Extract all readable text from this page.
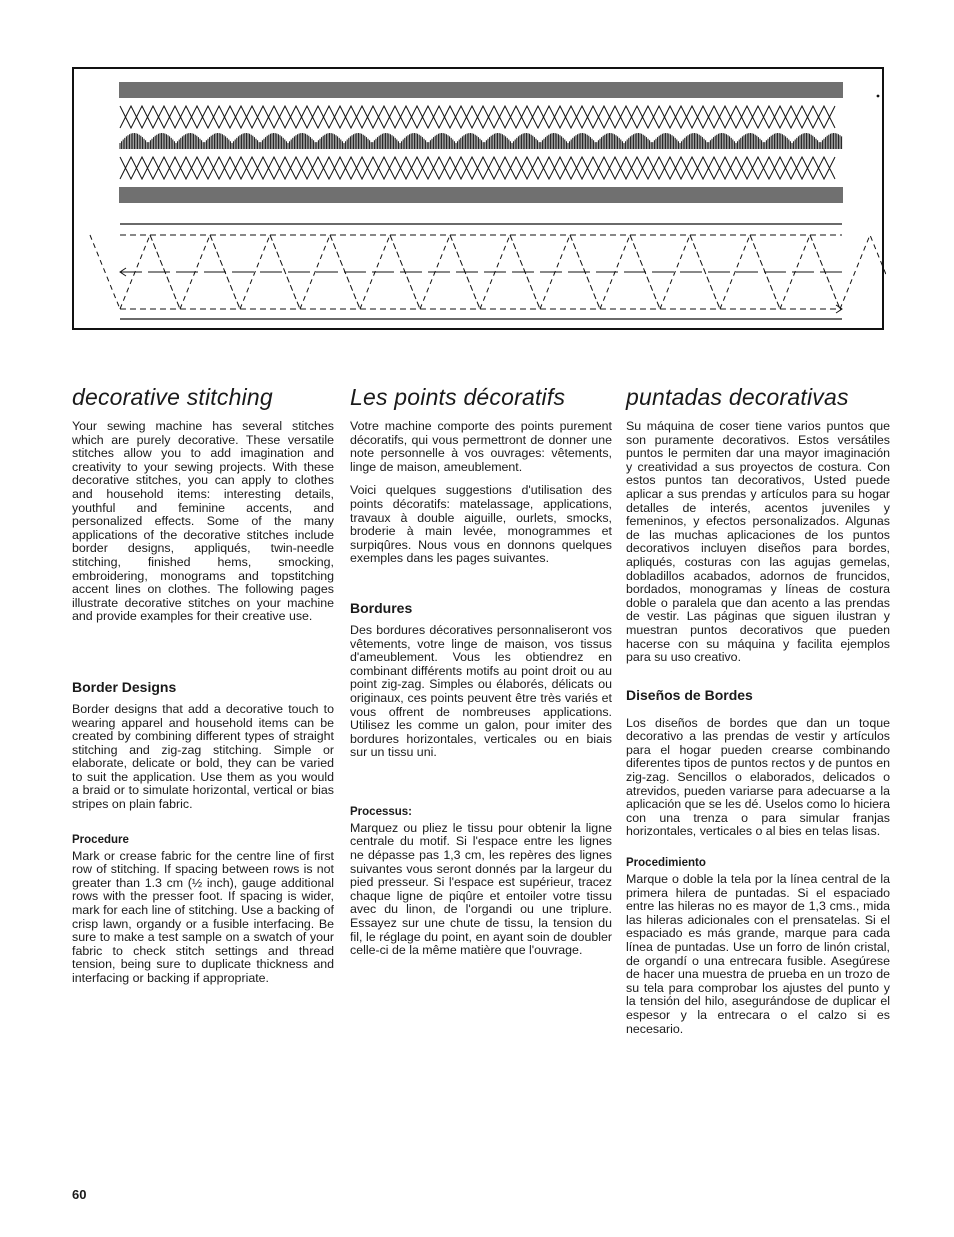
decorative stitching

Your sewing machine has several stitches which are purely decorative. These versatile stitches allow you to add imagination and creativity to your sewing projects. With these decorative stitches, you can apply to clothes and household items: interesting details, youthful and feminine accents, and personalized effects. Some of the many applications of the decorative stitches include border designs, appliqués, twin-needle stitching, finished hems, smocking, embroidering, monograms and topstitching accent lines on clothes. The following pages illustrate decorative stitches on your machine and provide examples for their creative use.

Border Designs

Border designs that add a decorative touch to wearing apparel and household items can be created by combining different types of straight stitching and zig-zag stitching. Simple or elaborate, delicate or bold, they can be varied to suit the application. Use them as you would a braid or to simulate horizontal, vertical or bias stripes on plain fabric.

Procedure

Mark or crease fabric for the centre line of first row of stitching. If spacing between rows is not greater than 1.3 cm (½ inch), gauge additional rows with the presser foot. If spacing is wider, mark for each line of stitching. Use a backing of crisp lawn, organdy or a fusible interfacing. Be sure to make a test sample on a swatch of your fabric to check stitch settings and thread tension, being sure to duplicate thickness and interfacing or backing if appropriate.

Les points décoratifs

Votre machine comporte des points purement décoratifs, qui vous permettront de donner une note personnelle à vos ouvrages: vêtements, linge de maison, ameublement.

Voici quelques suggestions d'utilisation des points décoratifs: matelassage, applications, travaux à double aiguille, ourlets, smocks, broderie à main levée, monogrammes et surpiqûres. Nous vous en donnons quelques exemples dans les pages suivantes.

Bordures

Des bordures décoratives personnaliseront vos vêtements, votre linge de maison, vos tissus d'ameublement. Vous les obtiendrez en combinant différents motifs au point droit ou au point zig-zag. Simples ou élaborés, délicats ou originaux, ces points peuvent être très variés et vous offrent de nombreuses applications. Utilisez les comme un galon, pour imiter des bordures horizontales, verticales ou en biais sur un tissu uni.

Processus:

Marquez ou pliez le tissu pour obtenir la ligne centrale du motif. Si l'espace entre les lignes ne dépasse pas 1,3 cm, les repères des lignes suivantes vous seront donnés par la largeur du pied presseur. Si l'espace est supérieur, tracez chaque ligne de piqûre et entoiler votre tissu avec du linon, de l'organdi ou une triplure. Essayez sur une chute de tissu, la tension du fil, le réglage du point, en ayant soin de doubler celle-ci de la même matière que l'ouvrage.

puntadas decorativas

Su máquina de coser tiene varios puntos que son puramente decorativos. Estos versátiles puntos le permiten dar una mayor imaginación y creatividad a sus proyectos de costura. Con estos puntos tan decorativos, Usted puede aplicar a sus prendas y artículos para su hogar detalles de interés, acentos juveniles y femeninos, y efectos personalizados. Algunas de las muchas aplicaciones de los puntos decorativos incluyen diseños para bordes, apliqués, costuras con las agujas gemelas, dobladillos acabados, adornos de fruncidos, bordados, monogramas y líneas de costura doble o paralela que dan acento a las prendas de vestir. Las páginas que siguen ilustran y muestran puntos decorativos que pueden hacerse con su máquina y facilita ejemplos para su uso creativo.

Diseños de Bordes

Los diseños de bordes que dan un toque decorativo a las prendas de vestir y artículos para el hogar pueden crearse combinando diferentes tipos de puntos rectos y de puntos en zig-zag. Sencillos o elaborados, delicados o atrevidos, pueden variarse para adecuarse a la aplicación que se les dé. Uselos como lo hiciera con una trenza o para simular franjas horizontales, verticales o al bies en telas lisas.

Procedimiento

Marque o doble la tela por la línea central de la primera hilera de puntadas. Si el espaciado entre las hileras no es mayor de 1,3 cms., mida las hileras adicionales con el prensatelas. Si el espaciado es más grande, marque para cada línea de puntadas. Use un forro de linón cristal, de organdí o una entrecara fusible. Asegúrese de hacer una muestra de prueba en un trozo de su tela para comprobar los ajustes del punto y la tensión del hilo, asegurándose de duplicar el espesor y la entrecara o el calzo si es necesario.

60
